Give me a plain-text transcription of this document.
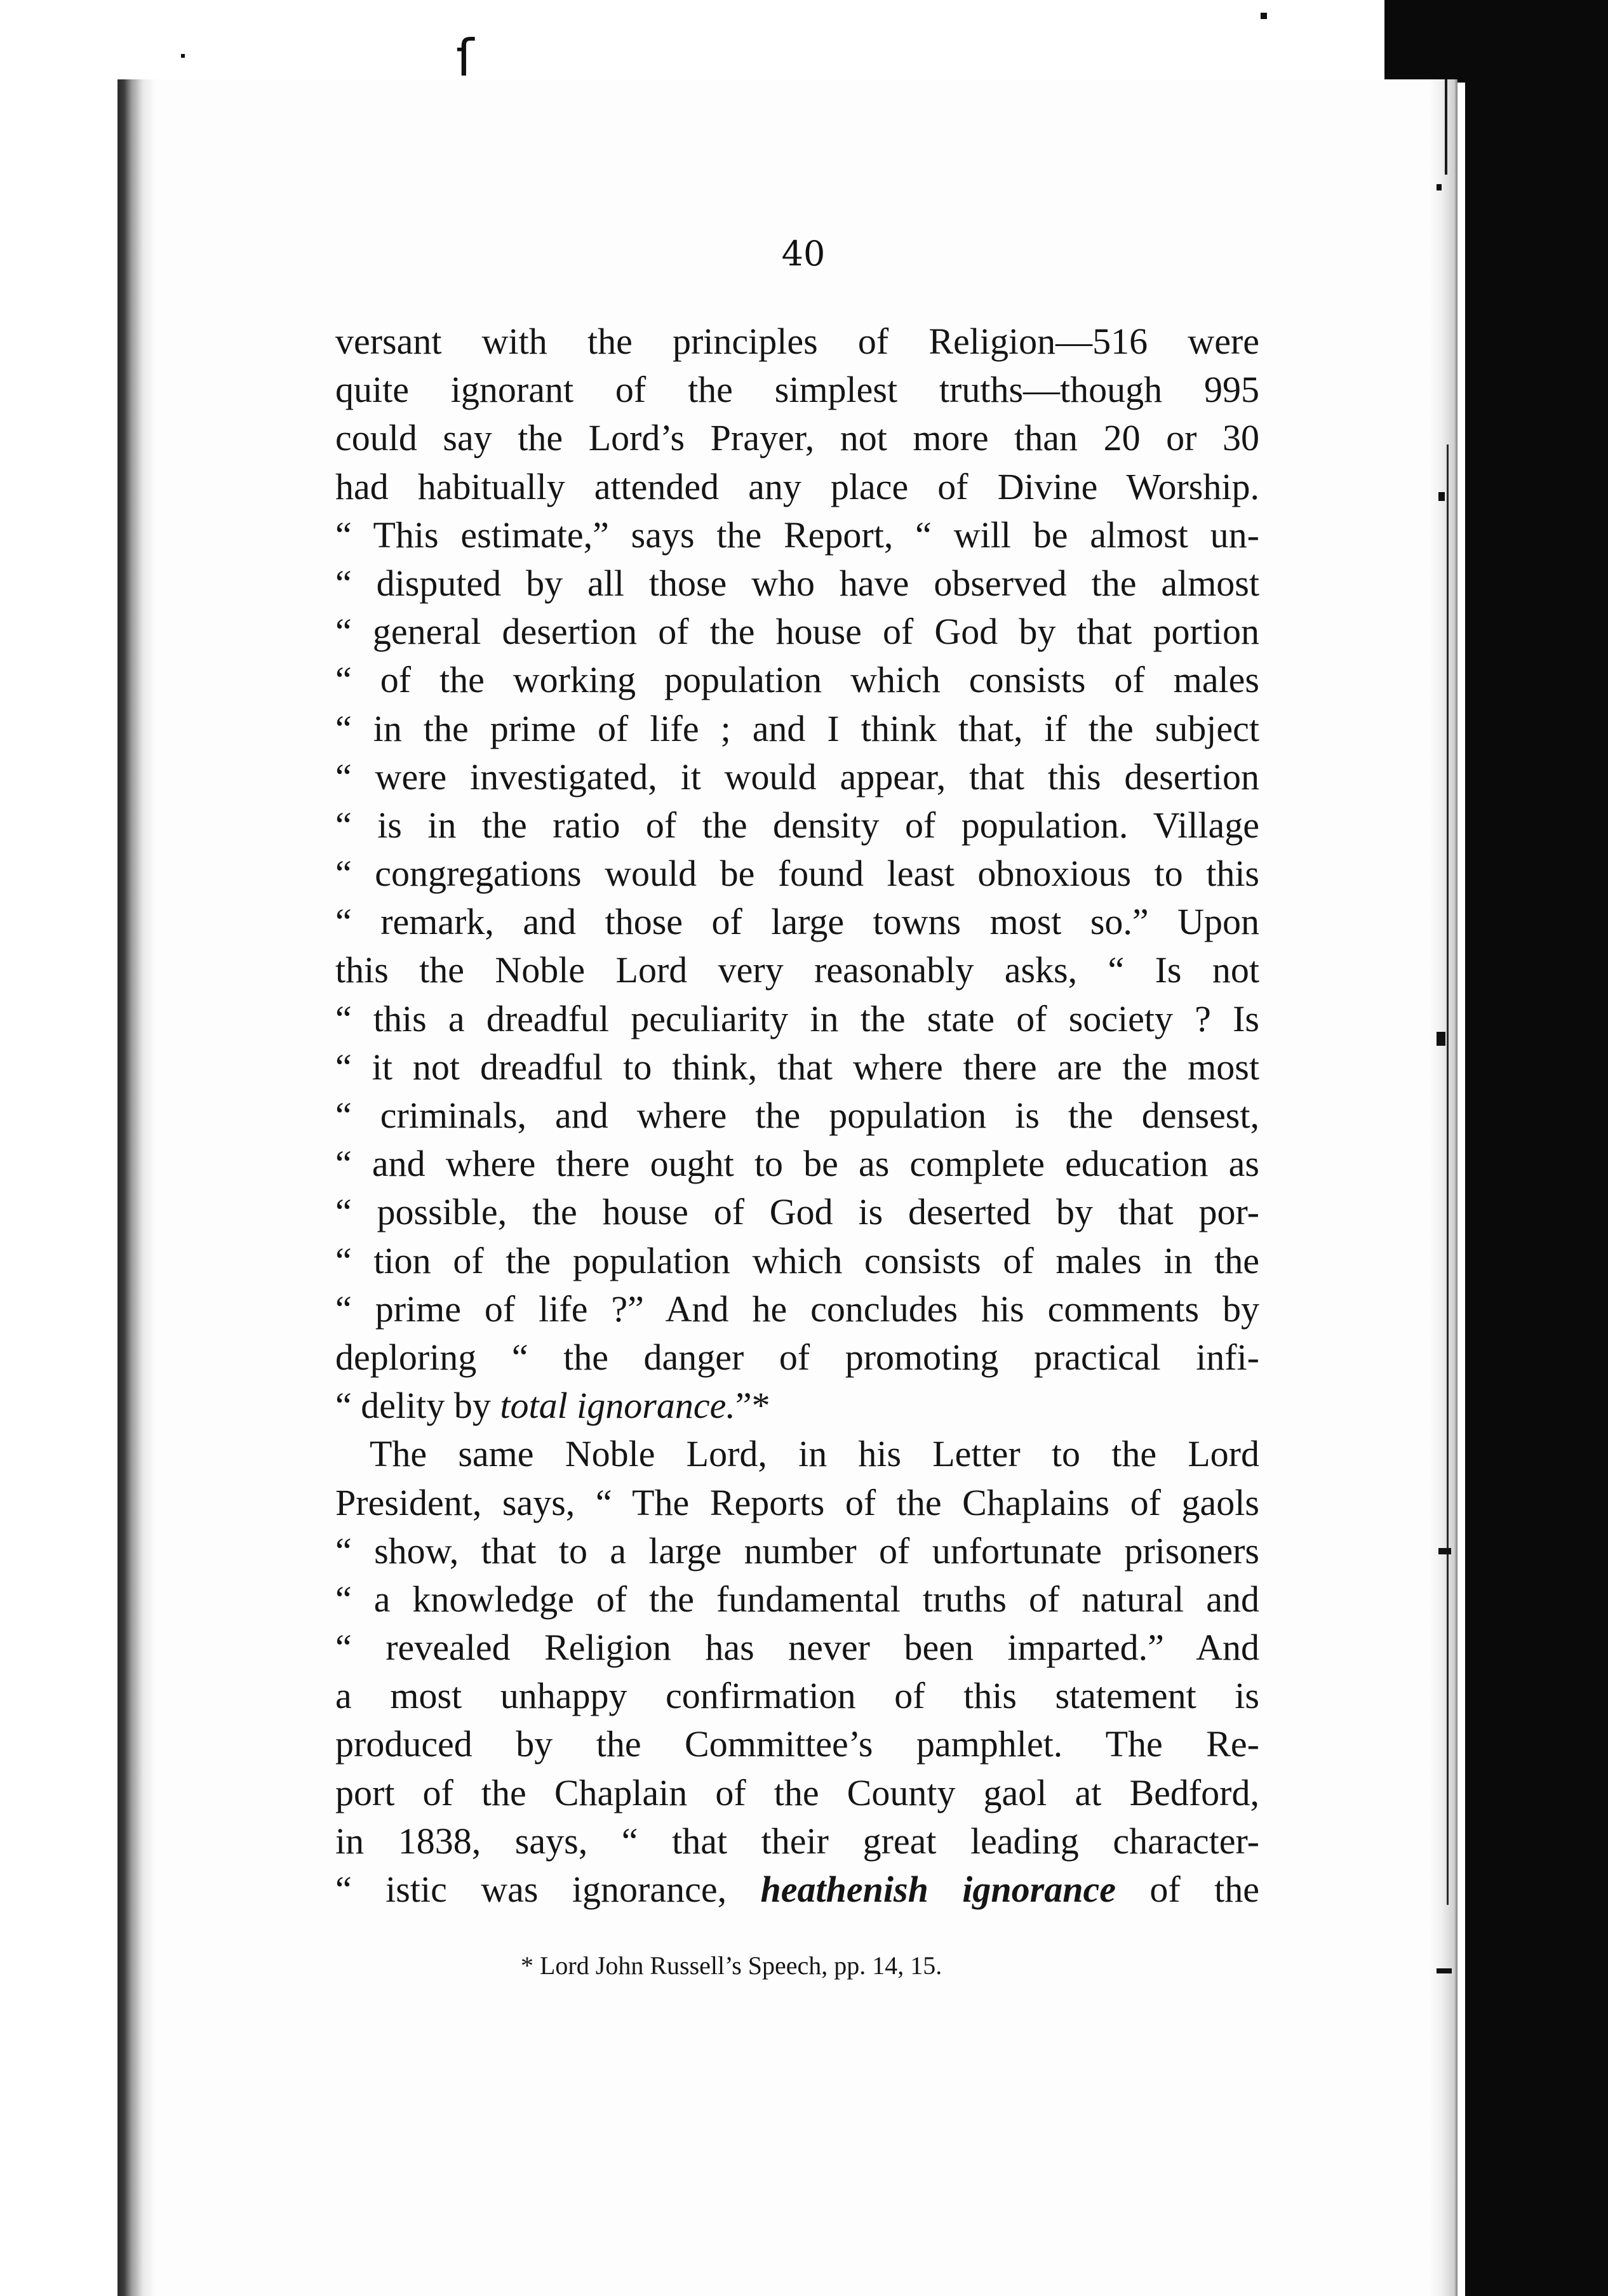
ſ
40
versant with the principles of Religion—516 were
quite ignorant of the simplest truths—though 995
could say the Lord’s Prayer, not more than 20 or 30
had habitually attended any place of Divine Worship.
“ This estimate,” says the Report, “ will be almost un-
“ disputed by all those who have observed the almost
“ general desertion of the house of God by that portion
“ of the working population which consists of males
“ in the prime of life ; and I think that, if the subject
“ were investigated, it would appear, that this desertion
“ is in the ratio of the density of population. Village
“ congregations would be found least obnoxious to this
“ remark, and those of large towns most so.” Upon
this the Noble Lord very reasonably asks, “ Is not
“ this a dreadful peculiarity in the state of society ? Is
“ it not dreadful to think, that where there are the most
“ criminals, and where the population is the densest,
“ and where there ought to be as complete education as
“ possible, the house of God is deserted by that por-
“ tion of the population which consists of males in the
“ prime of life ?” And he concludes his comments by
deploring “ the danger of promoting practical infi-
“ delity by total ignorance.”*
The same Noble Lord, in his Letter to the Lord
President, says, “ The Reports of the Chaplains of gaols
“ show, that to a large number of unfortunate prisoners
“ a knowledge of the fundamental truths of natural and
“ revealed Religion has never been imparted.” And
a most unhappy confirmation of this statement is
produced by the Committee’s pamphlet. The Re-
port of the Chaplain of the County gaol at Bedford,
in 1838, says, “ that their great leading character-
“ istic was ignorance, heathenish ignorance of the
* Lord John Russell’s Speech, pp. 14, 15.
